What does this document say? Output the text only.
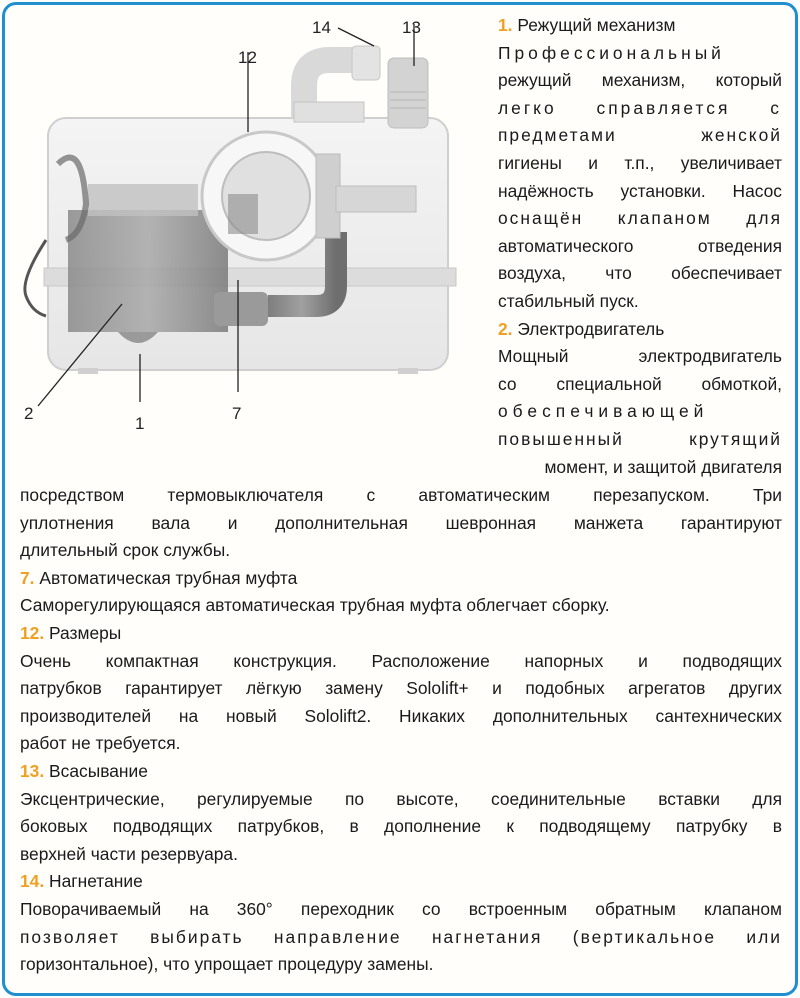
14	13
12
2
1
7
1. Режущий механизм
Профессиональный
режущий механизм, который
легко справляется с
предметами женской
гигиены и т.п., увеличивает
надёжность установки. Насос
оснащён клапаном для
автоматического отведения
воздуха, что обеспечивает
стабильный пуск.
2. Электродвигатель
Мощный электродвигатель
со специальной обмоткой,
обеспечивающей
повышенный крутящий
момент, и защитой двигателя
посредством термовыключателя с автоматическим перезапуском. Три
уплотнения вала и дополнительная шевронная манжета гарантируют
длительный срок службы.
7. Автоматическая трубная муфта
Саморегулирующаяся автоматическая трубная муфта облегчает сборку.
12. Размеры
Очень компактная конструкция. Расположение напорных и подводящих
патрубков гарантирует лёгкую замену Sololift+ и подобных агрегатов других
производителей на новый Sololift2. Никаких дополнительных сантехнических
работ не требуется.
13. Всасывание
Эксцентрические, регулируемые по высоте, соединительные вставки для
боковых подводящих патрубков, в дополнение к подводящему патрубку в
верхней части резервуара.
14. Нагнетание
Поворачиваемый на 360° переходник со встроенным обратным клапаном
позволяет выбирать направление нагнетания (вертикальное или
горизонтальное), что упрощает процедуру замены.
